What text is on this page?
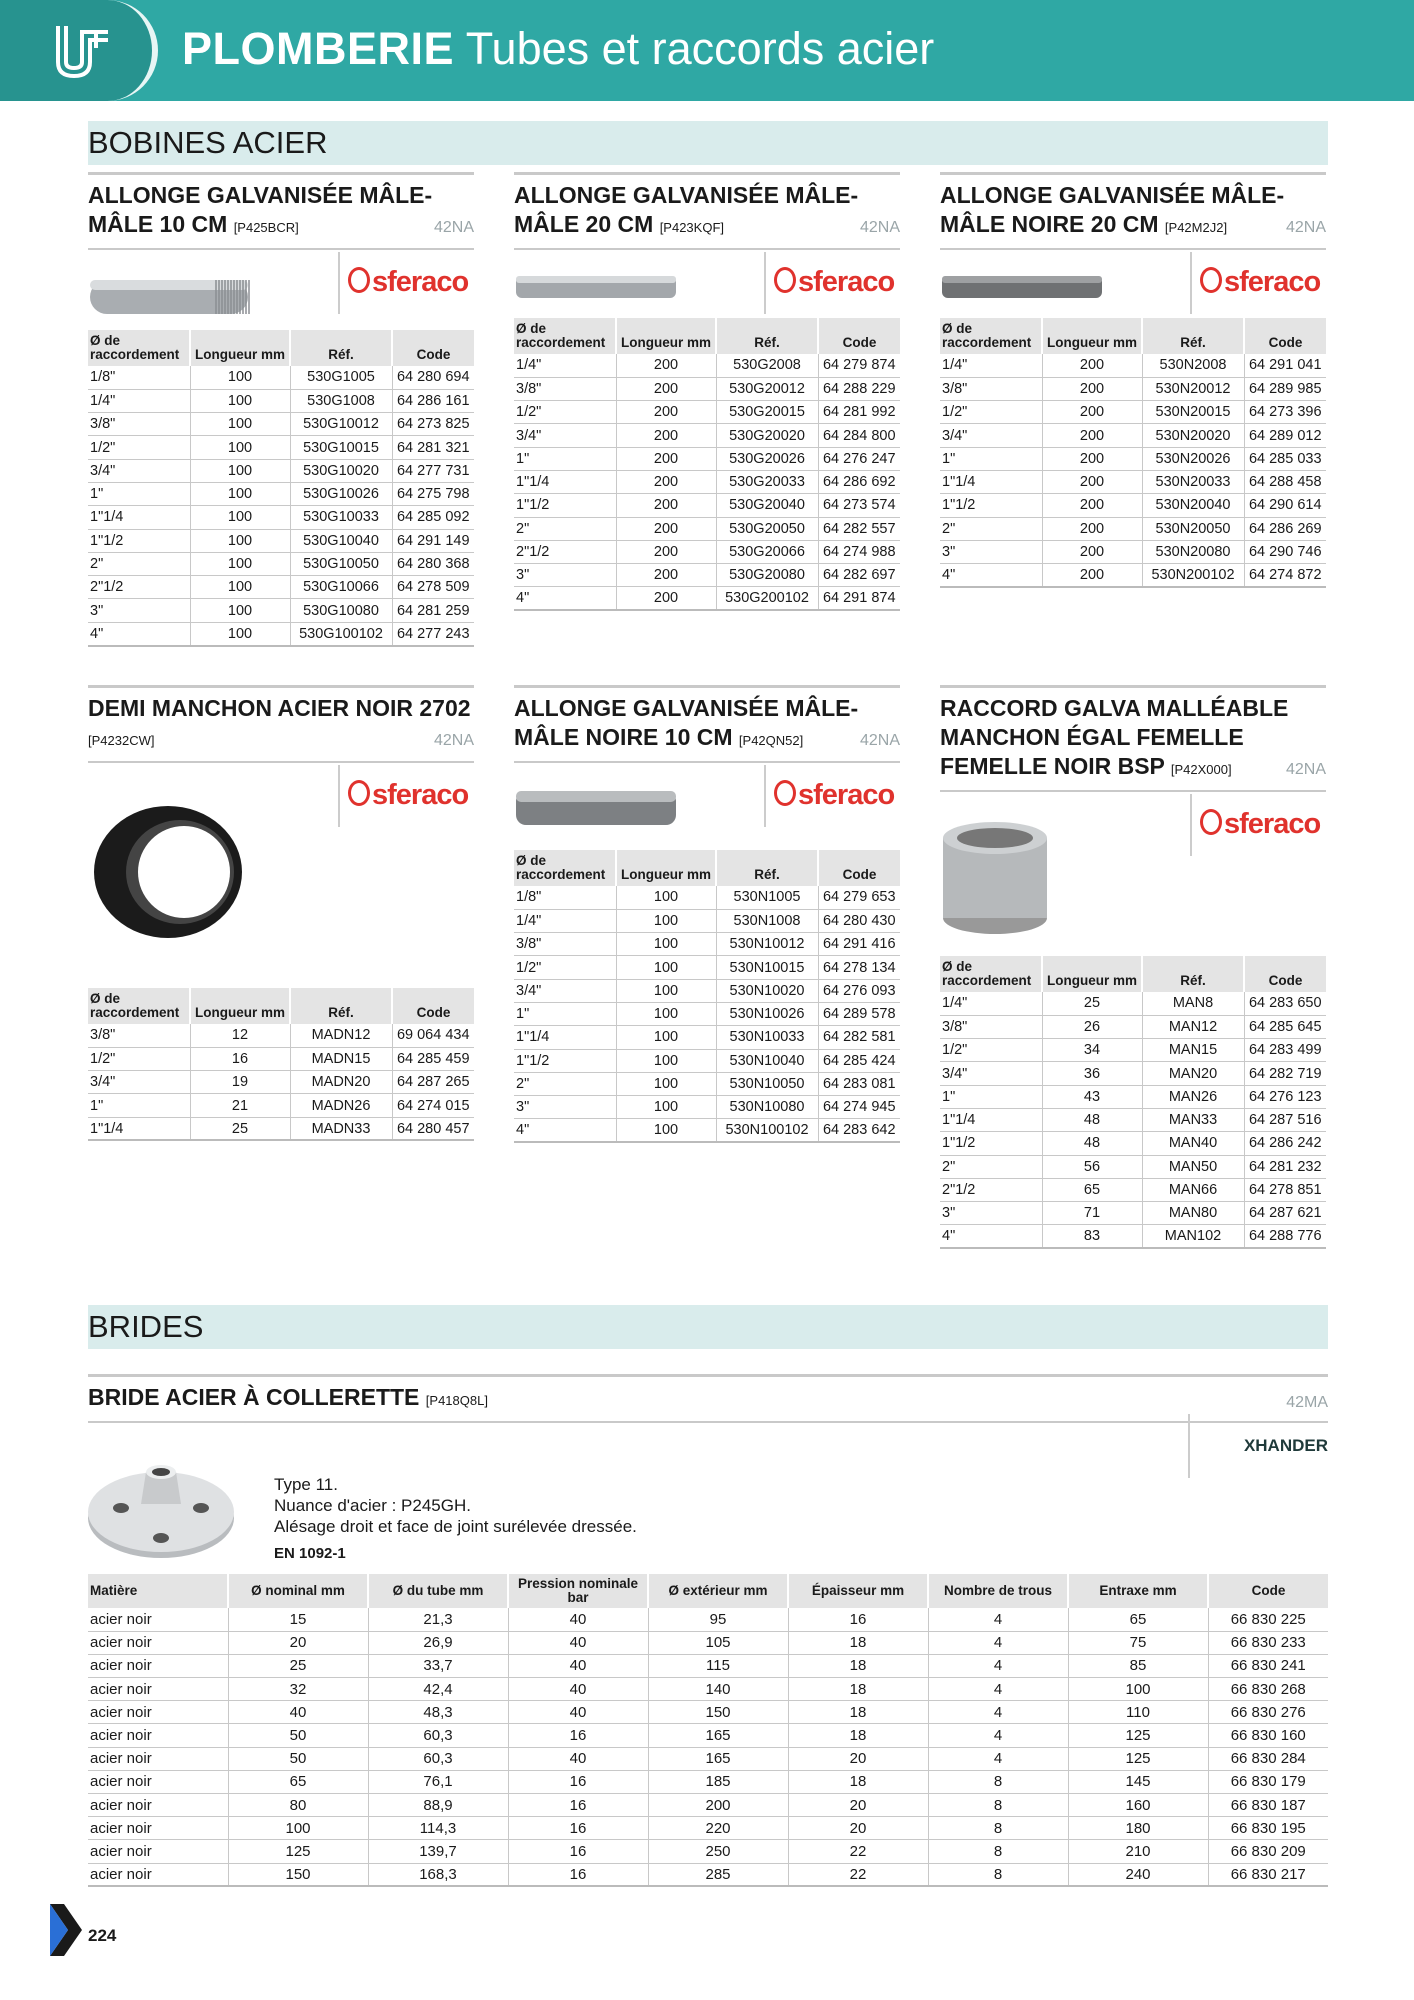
PLOMBERIE Tubes et raccords acier
BOBINES ACIER
ALLONGE GALVANISÉE MÂLE-MÂLE 10 CM [P425BCR]	42NA
sferaco
Ø de raccordement	Longueur mm	Réf.	Code
1/8"	100	530G1005	64 280 694
1/4"	100	530G1008	64 286 161
3/8"	100	530G10012	64 273 825
1/2"	100	530G10015	64 281 321
3/4"	100	530G10020	64 277 731
1"	100	530G10026	64 275 798
1"1/4	100	530G10033	64 285 092
1"1/2	100	530G10040	64 291 149
2"	100	530G10050	64 280 368
2"1/2	100	530G10066	64 278 509
3"	100	530G10080	64 281 259
4"	100	530G100102	64 277 243
ALLONGE GALVANISÉE MÂLE-MÂLE 20 CM [P423KQF]	42NA
sferaco
Ø de raccordement	Longueur mm	Réf.	Code
1/4"	200	530G2008	64 279 874
3/8"	200	530G20012	64 288 229
1/2"	200	530G20015	64 281 992
3/4"	200	530G20020	64 284 800
1"	200	530G20026	64 276 247
1"1/4	200	530G20033	64 286 692
1"1/2	200	530G20040	64 273 574
2"	200	530G20050	64 282 557
2"1/2	200	530G20066	64 274 988
3"	200	530G20080	64 282 697
4"	200	530G200102	64 291 874
ALLONGE GALVANISÉE MÂLE-MÂLE NOIRE 20 CM [P42M2J2]	42NA
sferaco
Ø de raccordement	Longueur mm	Réf.	Code
1/4"	200	530N2008	64 291 041
3/8"	200	530N20012	64 289 985
1/2"	200	530N20015	64 273 396
3/4"	200	530N20020	64 289 012
1"	200	530N20026	64 285 033
1"1/4	200	530N20033	64 288 458
1"1/2	200	530N20040	64 290 614
2"	200	530N20050	64 286 269
3"	200	530N20080	64 290 746
4"	200	530N200102	64 274 872
DEMI MANCHON ACIER NOIR 2702 [P4232CW]	42NA
sferaco
Ø de raccordement	Longueur mm	Réf.	Code
3/8"	12	MADN12	69 064 434
1/2"	16	MADN15	64 285 459
3/4"	19	MADN20	64 287 265
1"	21	MADN26	64 274 015
1"1/4	25	MADN33	64 280 457
ALLONGE GALVANISÉE MÂLE-MÂLE NOIRE 10 CM [P42QN52]	42NA
sferaco
Ø de raccordement	Longueur mm	Réf.	Code
1/8"	100	530N1005	64 279 653
1/4"	100	530N1008	64 280 430
3/8"	100	530N10012	64 291 416
1/2"	100	530N10015	64 278 134
3/4"	100	530N10020	64 276 093
1"	100	530N10026	64 289 578
1"1/4	100	530N10033	64 282 581
1"1/2	100	530N10040	64 285 424
2"	100	530N10050	64 283 081
3"	100	530N10080	64 274 945
4"	100	530N100102	64 283 642
RACCORD GALVA MALLÉABLE MANCHON ÉGAL FEMELLE FEMELLE NOIR BSP [P42X000]	42NA
sferaco
Ø de raccordement	Longueur mm	Réf.	Code
1/4"	25	MAN8	64 283 650
3/8"	26	MAN12	64 285 645
1/2"	34	MAN15	64 283 499
3/4"	36	MAN20	64 282 719
1"	43	MAN26	64 276 123
1"1/4	48	MAN33	64 287 516
1"1/2	48	MAN40	64 286 242
2"	56	MAN50	64 281 232
2"1/2	65	MAN66	64 278 851
3"	71	MAN80	64 287 621
4"	83	MAN102	64 288 776
BRIDES
BRIDE ACIER À COLLERETTE [P418Q8L]	42MA
XHANDER
Type 11.
Nuance d'acier : P245GH.
Alésage droit et face de joint surélevée dressée.
EN 1092-1
Matière	Ø nominal mm	Ø du tube mm	Pression nominale bar	Ø extérieur mm	Épaisseur mm	Nombre de trous	Entraxe mm	Code
acier noir	15	21,3	40	95	16	4	65	66 830 225
acier noir	20	26,9	40	105	18	4	75	66 830 233
acier noir	25	33,7	40	115	18	4	85	66 830 241
acier noir	32	42,4	40	140	18	4	100	66 830 268
acier noir	40	48,3	40	150	18	4	110	66 830 276
acier noir	50	60,3	16	165	18	4	125	66 830 160
acier noir	50	60,3	40	165	20	4	125	66 830 284
acier noir	65	76,1	16	185	18	8	145	66 830 179
acier noir	80	88,9	16	200	20	8	160	66 830 187
acier noir	100	114,3	16	220	20	8	180	66 830 195
acier noir	125	139,7	16	250	22	8	210	66 830 209
acier noir	150	168,3	16	285	22	8	240	66 830 217
224
